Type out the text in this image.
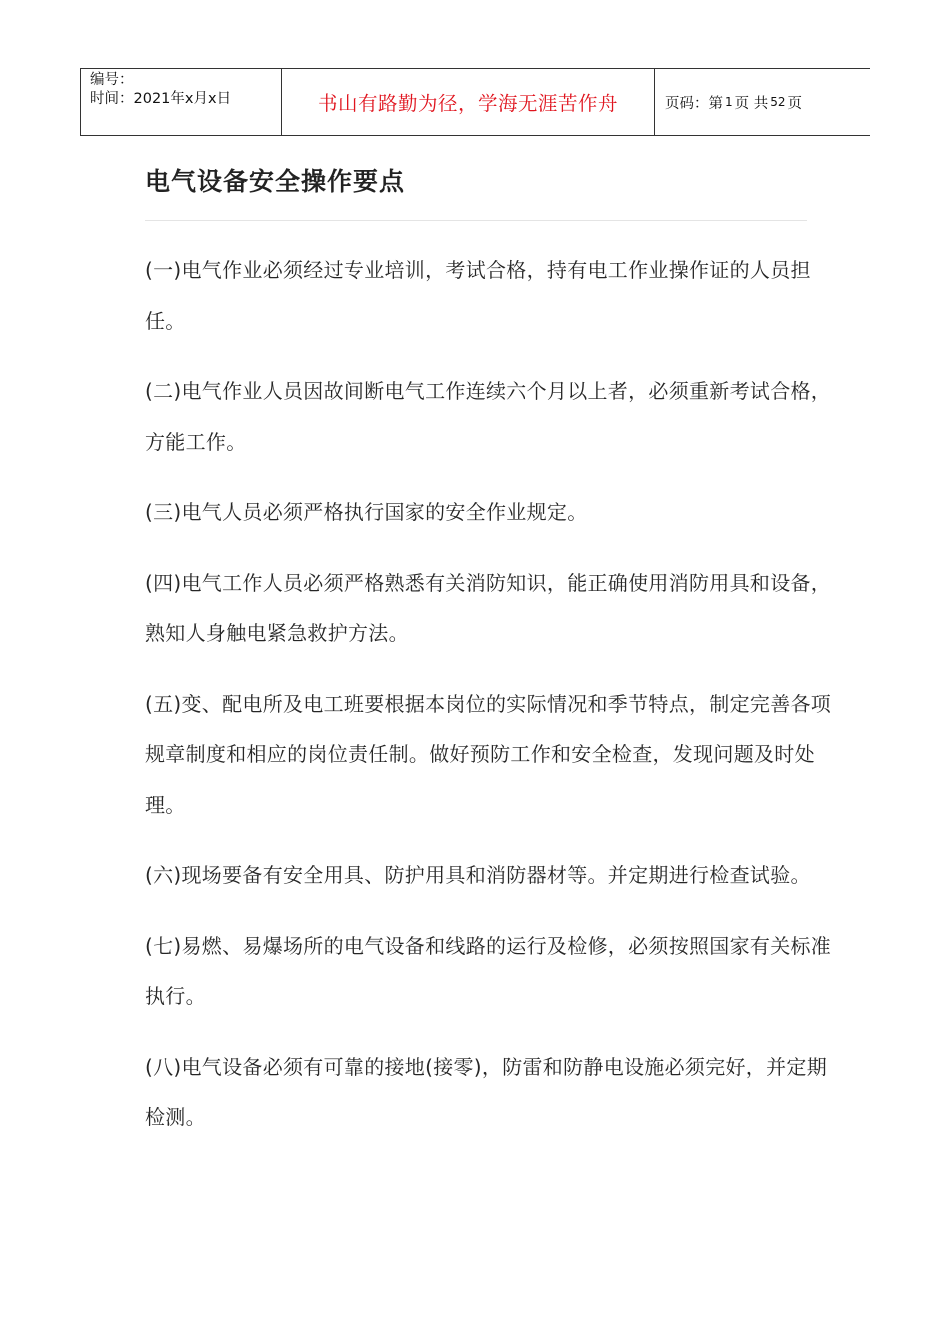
编号：
时间：2021年x月x日	书山有路勤为径，学海无涯苦作舟	页码：第 1 页 共 52 页
电气设备安全操作要点

(一)电气作业必须经过专业培训，考试合格，持有电工作业操作证的人员担任。

(二)电气作业人员因故间断电气工作连续六个月以上者，必须重新考试合格，方能工作。

(三)电气人员必须严格执行国家的安全作业规定。

(四)电气工作人员必须严格熟悉有关消防知识，能正确使用消防用具和设备，熟知人身触电紧急救护方法。

(五)变、配电所及电工班要根据本岗位的实际情况和季节特点，制定完善各项规章制度和相应的岗位责任制。做好预防工作和安全检查，发现问题及时处理。

(六)现场要备有安全用具、防护用具和消防器材等。并定期进行检查试验。

(七)易燃、易爆场所的电气设备和线路的运行及检修，必须按照国家有关标准执行。

(八)电气设备必须有可靠的接地(接零)，防雷和防静电设施必须完好，并定期检测。
